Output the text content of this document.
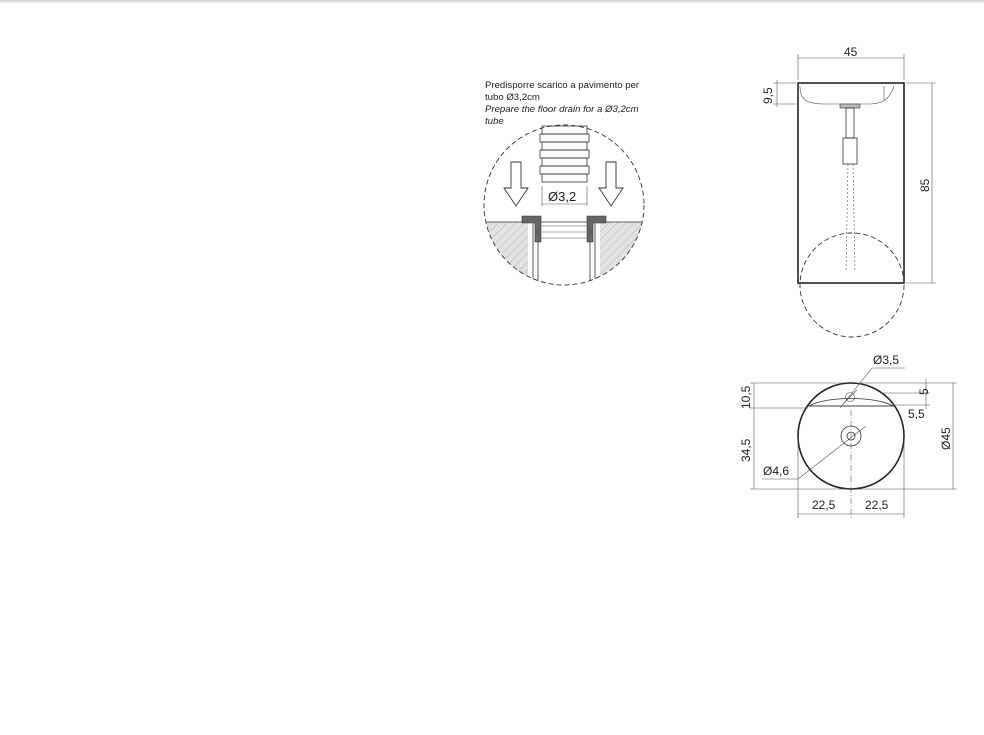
Predisporre scarico a pavimento per
tubo Ø3,2cm
Prepare the floor drain for a Ø3,2cm
tube
Ø3,2
45
9,5
85
Ø3,5
5
5,5
Ø45
10,5
34,5
Ø4,6
22,5 22,5
